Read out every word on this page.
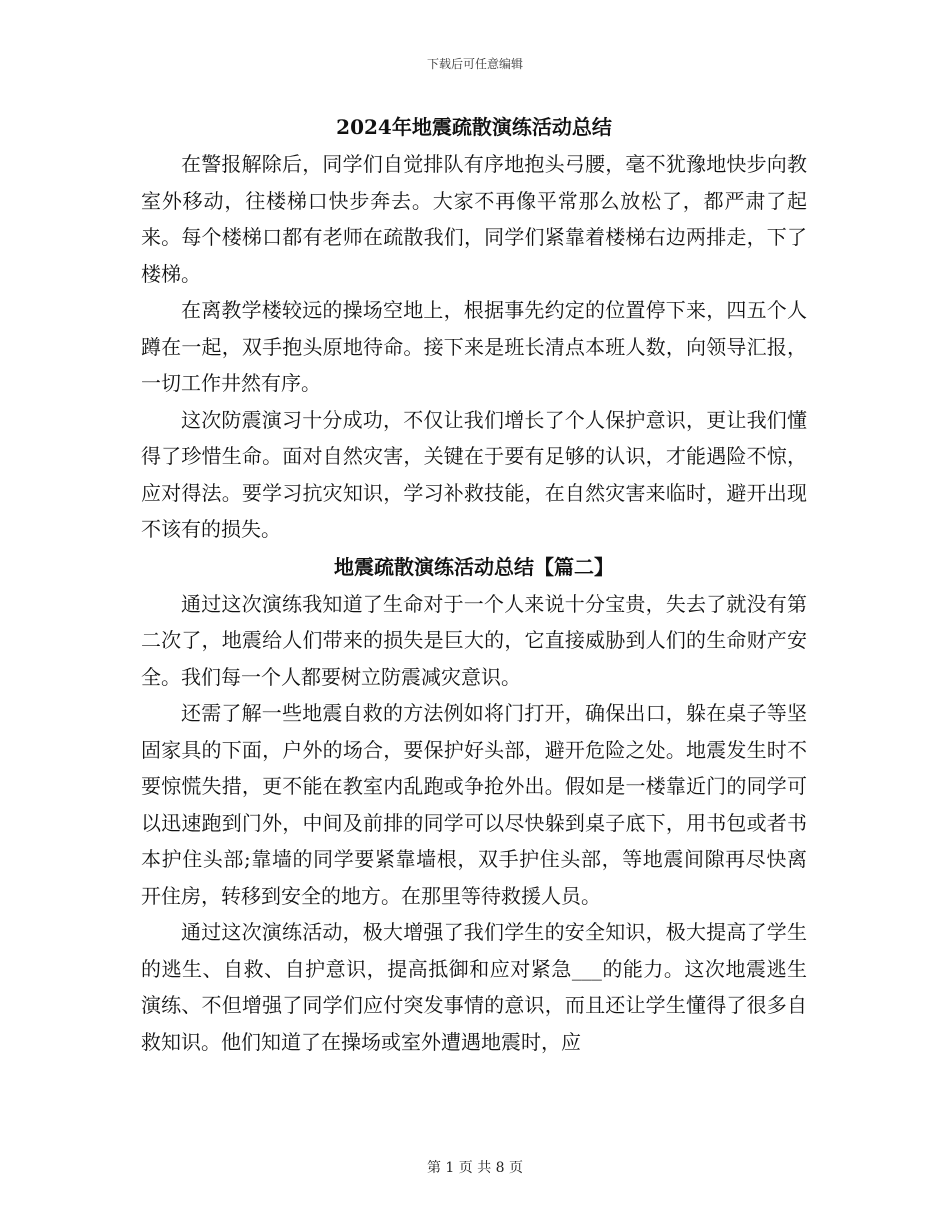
下载后可任意编辑
2024年地震疏散演练活动总结

在警报解除后，同学们自觉排队有序地抱头弓腰，毫不犹豫地快步向教室外移动，往楼梯口快步奔去。大家不再像平常那么放松了，都严肃了起来。每个楼梯口都有老师在疏散我们，同学们紧靠着楼梯右边两排走，下了楼梯。

在离教学楼较远的操场空地上，根据事先约定的位置停下来，四五个人蹲在一起，双手抱头原地待命。接下来是班长清点本班人数，向领导汇报，一切工作井然有序。

这次防震演习十分成功，不仅让我们增长了个人保护意识，更让我们懂得了珍惜生命。面对自然灾害，关键在于要有足够的认识，才能遇险不惊，应对得法。要学习抗灾知识，学习补救技能，在自然灾害来临时，避开出现不该有的损失。

地震疏散演练活动总结【篇二】

通过这次演练我知道了生命对于一个人来说十分宝贵，失去了就没有第二次了，地震给人们带来的损失是巨大的，它直接威胁到人们的生命财产安全。我们每一个人都要树立防震减灾意识。

还需了解一些地震自救的方法例如将门打开，确保出口，躲在桌子等坚固家具的下面，户外的场合，要保护好头部，避开危险之处。地震发生时不要惊慌失措，更不能在教室内乱跑或争抢外出。假如是一楼靠近门的同学可以迅速跑到门外，中间及前排的同学可以尽快躲到桌子底下，用书包或者书本护住头部;靠墙的同学要紧靠墙根，双手护住头部，等地震间隙再尽快离开住房，转移到安全的地方。在那里等待救援人员。

通过这次演练活动，极大增强了我们学生的安全知识，极大提高了学生的逃生、自救、自护意识，提高抵御和应对紧急___的能力。这次地震逃生演练、不但增强了同学们应付突发事情的意识，而且还让学生懂得了很多自救知识。他们知道了在操场或室外遭遇地震时，应

第 1 页 共 8 页
